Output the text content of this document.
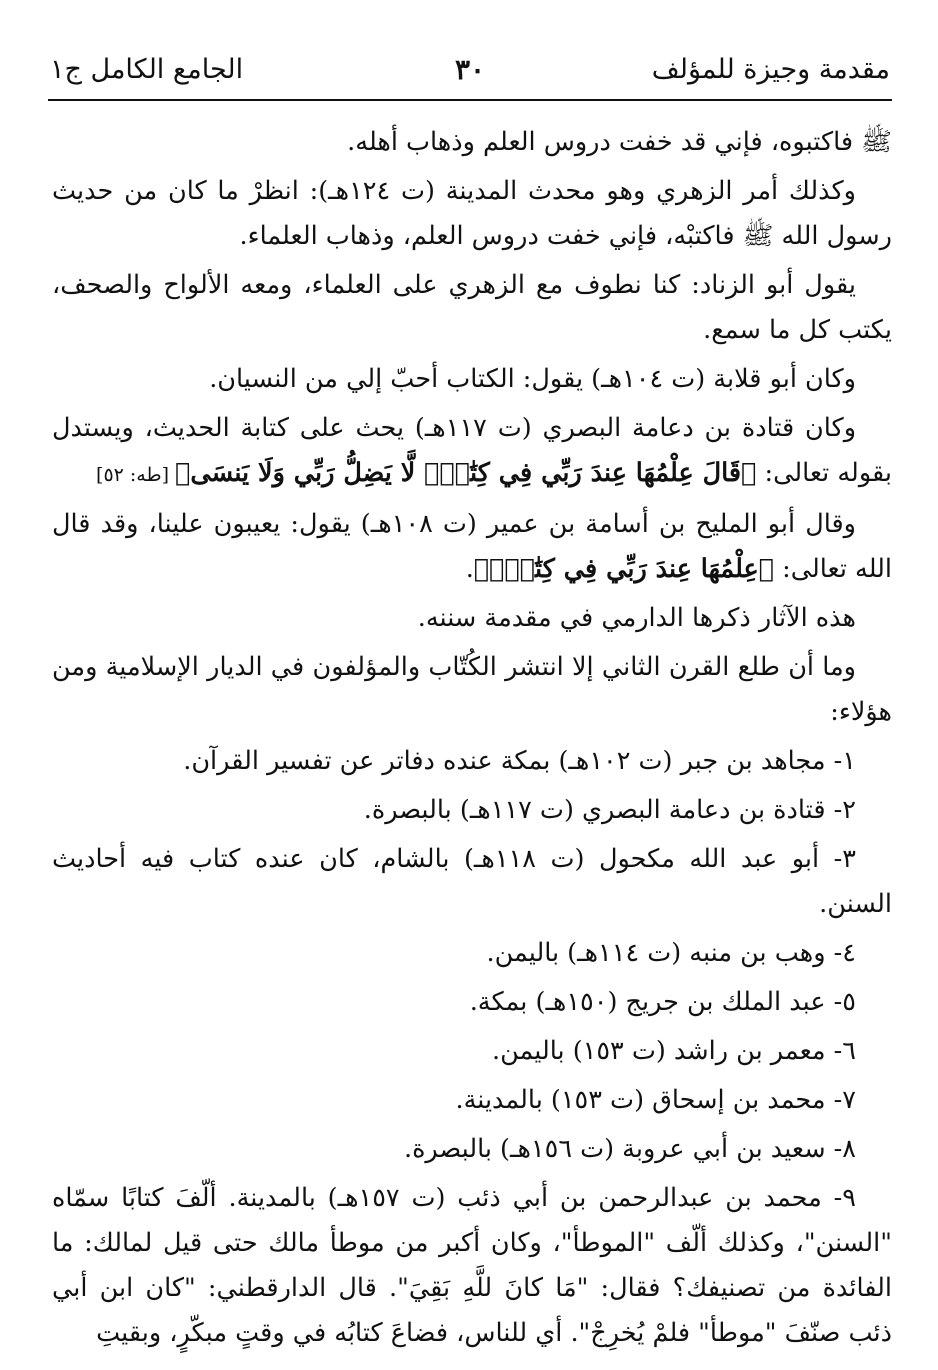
مقدمة وجيزة للمؤلف
٣٠
الجامع الكامل ج١

ﷺ فاكتبوه، فإني قد خفت دروس العلم وذهاب أهله.

وكذلك أمر الزهري وهو محدث المدينة (ت ١٢٤هـ): انظرْ ما كان من حديث رسول الله ﷺ فاكتبْه، فإني خفت دروس العلم، وذهاب العلماء.

يقول أبو الزناد: كنا نطوف مع الزهري على العلماء، ومعه الألواح والصحف، يكتب كل ما سمع.

وكان أبو قلابة (ت ١٠٤هـ) يقول: الكتاب أحبّ إلي من النسيان.

وكان قتادة بن دعامة البصري (ت ١١٧هـ) يحث على كتابة الحديث، ويستدل بقوله تعالى: ﴿قَالَ عِلْمُهَا عِندَ رَبِّي فِي كِتَٰبٍۖ لَّا يَضِلُّ رَبِّي وَلَا يَنسَى﴾ [طه: ٥٢]

وقال أبو المليح بن أسامة بن عمير (ت ١٠٨هـ) يقول: يعيبون علينا، وقد قال الله تعالى: ﴿عِلْمُهَا عِندَ رَبِّي فِي كِتَٰبٍۖ﴾.

هذه الآثار ذكرها الدارمي في مقدمة سننه.

وما أن طلع القرن الثاني إلا انتشر الكُتّاب والمؤلفون في الديار الإسلامية ومن هؤلاء:

١- مجاهد بن جبر (ت ١٠٢هـ) بمكة عنده دفاتر عن تفسير القرآن.

٢- قتادة بن دعامة البصري (ت ١١٧هـ) بالبصرة.

٣- أبو عبد الله مكحول (ت ١١٨هـ) بالشام، كان عنده كتاب فيه أحاديث السنن.

٤- وهب بن منبه (ت ١١٤هـ) باليمن.

٥- عبد الملك بن جريج (١٥٠هـ) بمكة.

٦- معمر بن راشد (ت ١٥٣) باليمن.

٧- محمد بن إسحاق (ت ١٥٣) بالمدينة.

٨- سعيد بن أبي عروبة (ت ١٥٦هـ) بالبصرة.

٩- محمد بن عبدالرحمن بن أبي ذئب (ت ١٥٧هـ) بالمدينة. ألّفَ كتابًا سمّاه "السنن"، وكذلك ألّف "الموطأ"، وكان أكبر من موطأ مالك حتى قيل لمالك: ما الفائدة من تصنيفك؟ فقال: "مَا كانَ للَّهِ بَقِيَ". قال الدارقطني: "كان ابن أبي ذئب صنّفَ "موطأ" فلمْ يُخرِجْ". أي للناس، فضاعَ كتابُه في وقتٍ مبكّرٍ، وبقيتِ
